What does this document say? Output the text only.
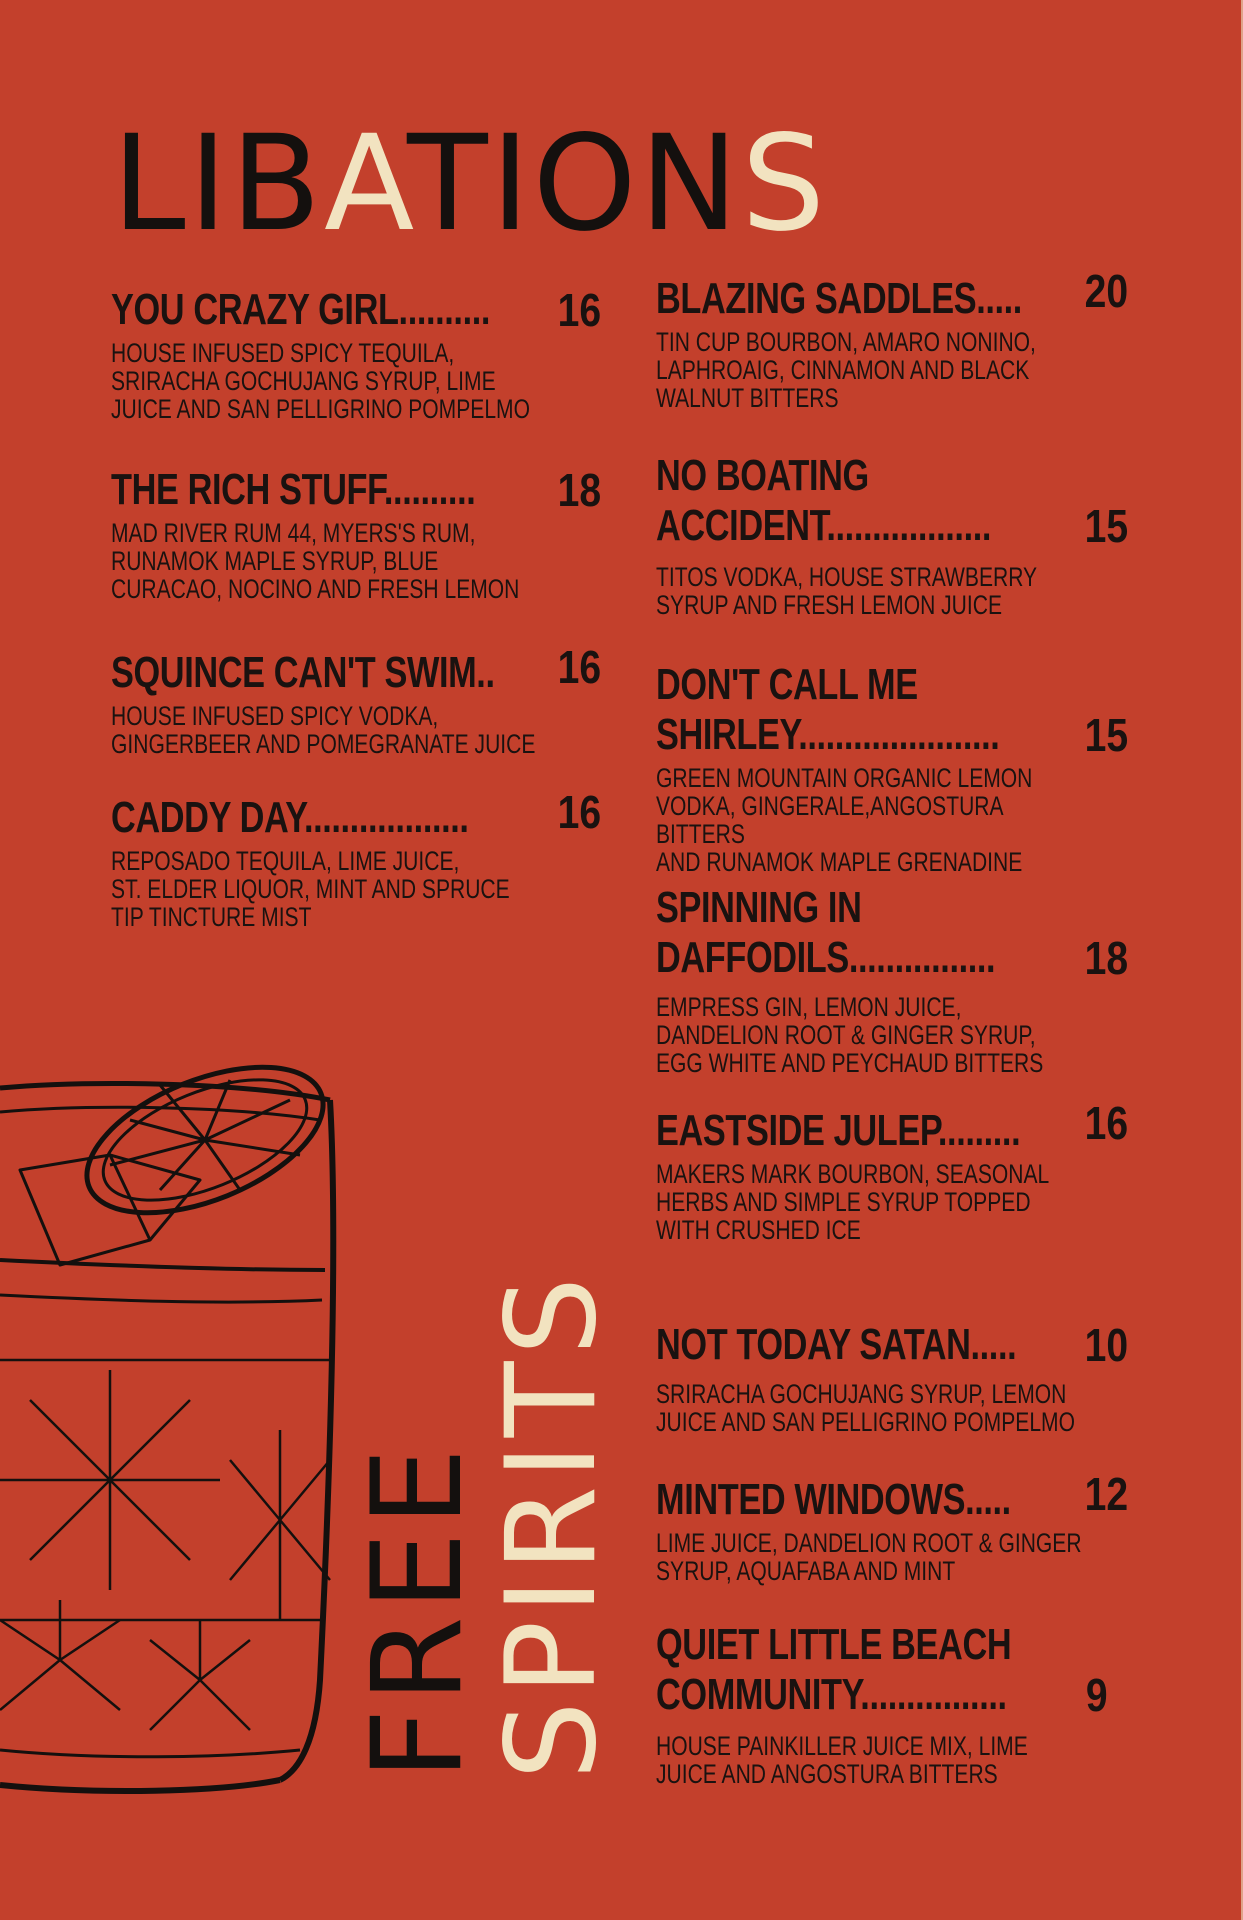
LIBATIONS
YOU CRAZY GIRL.......... 16
HOUSE INFUSED SPICY TEQUILA,
SRIRACHA GOCHUJANG SYRUP, LIME
JUICE AND SAN PELLIGRINO POMPELMO
THE RICH STUFF..........	18
MAD RIVER RUM 44, MYERS'S RUM,
RUNAMOK MAPLE SYRUP, BLUE
CURACAO, NOCINO AND FRESH LEMON
SQUINCE CAN'T SWIM.. 16
HOUSE INFUSED SPICY VODKA,
GINGERBEER AND POMEGRANATE JUICE
CADDY DAY..................	16
REPOSADO TEQUILA, LIME JUICE,
ST. ELDER LIQUOR, MINT AND SPRUCE
TIP TINCTURE MIST
BLAZING SADDLES..... 20
TIN CUP BOURBON, AMARO NONINO,
LAPHROAIG, CINNAMON AND BLACK
WALNUT BITTERS
NO BOATING
ACCIDENT..................	15
TITOS VODKA, HOUSE STRAWBERRY
SYRUP AND FRESH LEMON JUICE
DON'T CALL ME
SHIRLEY......................	15
GREEN MOUNTAIN ORGANIC LEMON
VODKA, GINGERALE,ANGOSTURA BITTERS
AND RUNAMOK MAPLE GRENADINE
SPINNING IN
DAFFODILS................	18
EMPRESS GIN, LEMON JUICE,
DANDELION ROOT & GINGER SYRUP,
EGG WHITE AND PEYCHAUD BITTERS
EASTSIDE JULEP......... 16
MAKERS MARK BOURBON, SEASONAL
HERBS AND SIMPLE SYRUP TOPPED
WITH CRUSHED ICE
NOT TODAY SATAN..... 10
SRIRACHA GOCHUJANG SYRUP, LEMON
JUICE AND SAN PELLIGRINO POMPELMO
MINTED WINDOWS..... 12
LIME JUICE, DANDELION ROOT & GINGER
SYRUP, AQUAFABA AND MINT
QUIET LITTLE BEACH
COMMUNITY................	9
HOUSE PAINKILLER JUICE MIX, LIME
JUICE AND ANGOSTURA BITTERS
FREE
SPIRITS
